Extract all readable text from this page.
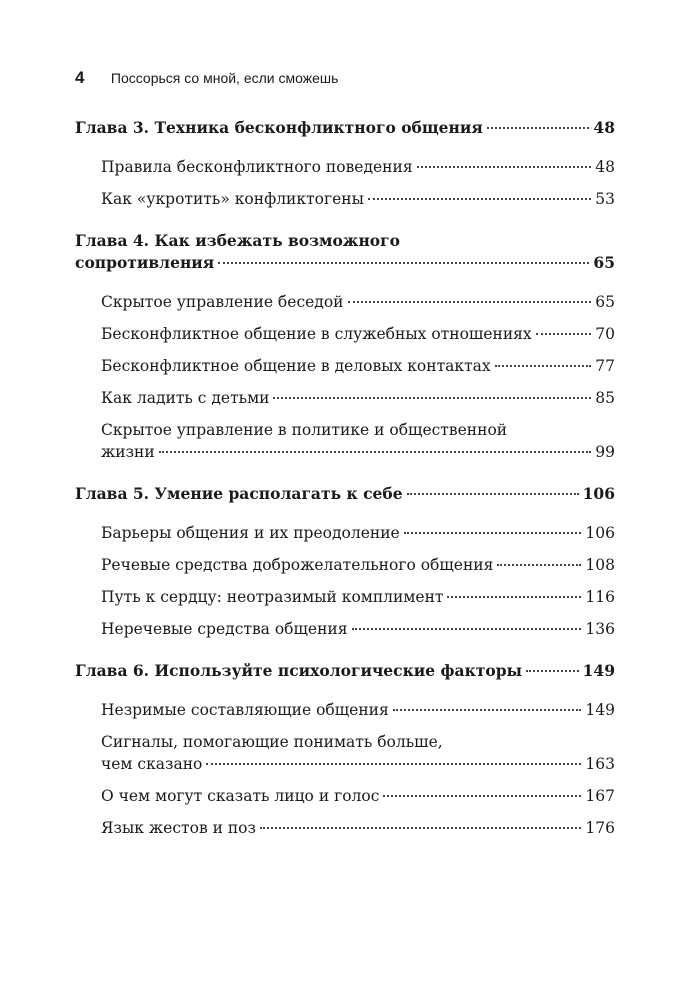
4 Поссорься со мной, если сможешь
Глава 3. Техника бесконфликтного общения	48
Правила бесконфликтного поведения	48
Как «укротить» конфликтогены	53
Глава 4. Как избежать возможного
сопротивления	65
Скрытое управление беседой	65
Бесконфликтное общение в служебных отношениях	70
Бесконфликтное общение в деловых контактах	77
Как ладить с детьми	85
Скрытое управление в политике и общественной
жизни	99
Глава 5. Умение располагать к себе	106
Барьеры общения и их преодоление	106
Речевые средства доброжелательного общения	108
Путь к сердцу: неотразимый комплимент	116
Неречевые средства общения	136
Глава 6. Используйте психологические факторы	149
Незримые составляющие общения	149
Сигналы, помогающие понимать больше,
чем сказано	163
О чем могут сказать лицо и голос	167
Язык жестов и поз	176
